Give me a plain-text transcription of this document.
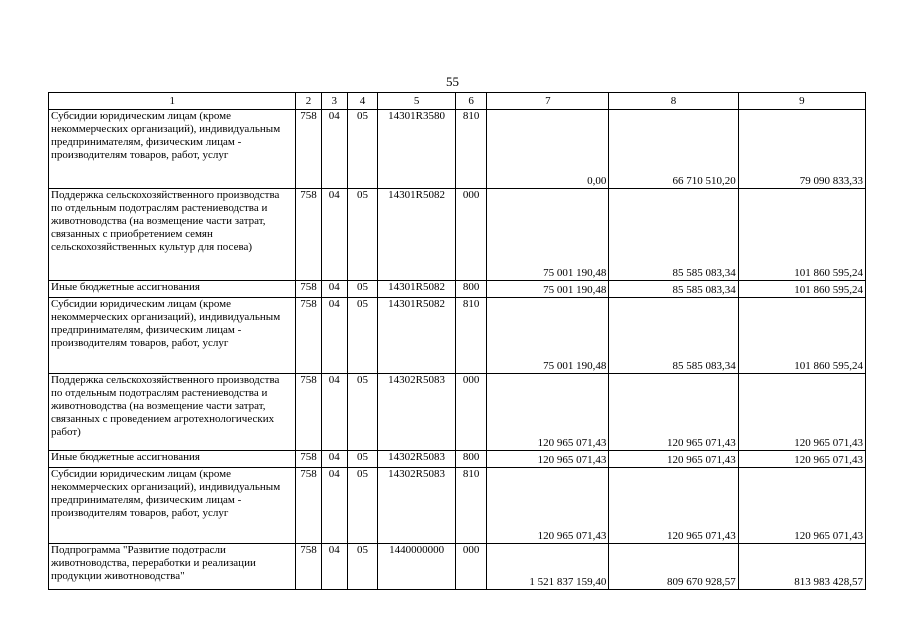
55
1	2	3	4	5	6	7	8	9
Субсидии юридическим лицам (кроме некоммерческих организаций), индивидуальным предпринимателям, физическим лицам - производителям товаров, работ, услуг	758	04	05	14301R3580	810	0,00	66 710 510,20	79 090 833,33
Поддержка сельскохозяйственного производства по отдельным подотраслям растениеводства и животноводства (на возмещение части затрат, связанных с приобретением семян сельскохозяйственных культур для посева)	758	04	05	14301R5082	000	75 001 190,48	85 585 083,34	101 860 595,24
Иные бюджетные ассигнования	758	04	05	14301R5082	800	75 001 190,48	85 585 083,34	101 860 595,24
Субсидии юридическим лицам (кроме некоммерческих организаций), индивидуальным предпринимателям, физическим лицам - производителям товаров, работ, услуг	758	04	05	14301R5082	810	75 001 190,48	85 585 083,34	101 860 595,24
Поддержка сельскохозяйственного производства по отдельным подотраслям растениеводства и животноводства (на возмещение части затрат, связанных с проведением агротехнологических работ)	758	04	05	14302R5083	000	120 965 071,43	120 965 071,43	120 965 071,43
Иные бюджетные ассигнования	758	04	05	14302R5083	800	120 965 071,43	120 965 071,43	120 965 071,43
Субсидии юридическим лицам (кроме некоммерческих организаций), индивидуальным предпринимателям, физическим лицам - производителям товаров, работ, услуг	758	04	05	14302R5083	810	120 965 071,43	120 965 071,43	120 965 071,43
Подпрограмма "Развитие подотрасли животноводства, переработки и реализации продукции животноводства"	758	04	05	1440000000	000	1 521 837 159,40	809 670 928,57	813 983 428,57
